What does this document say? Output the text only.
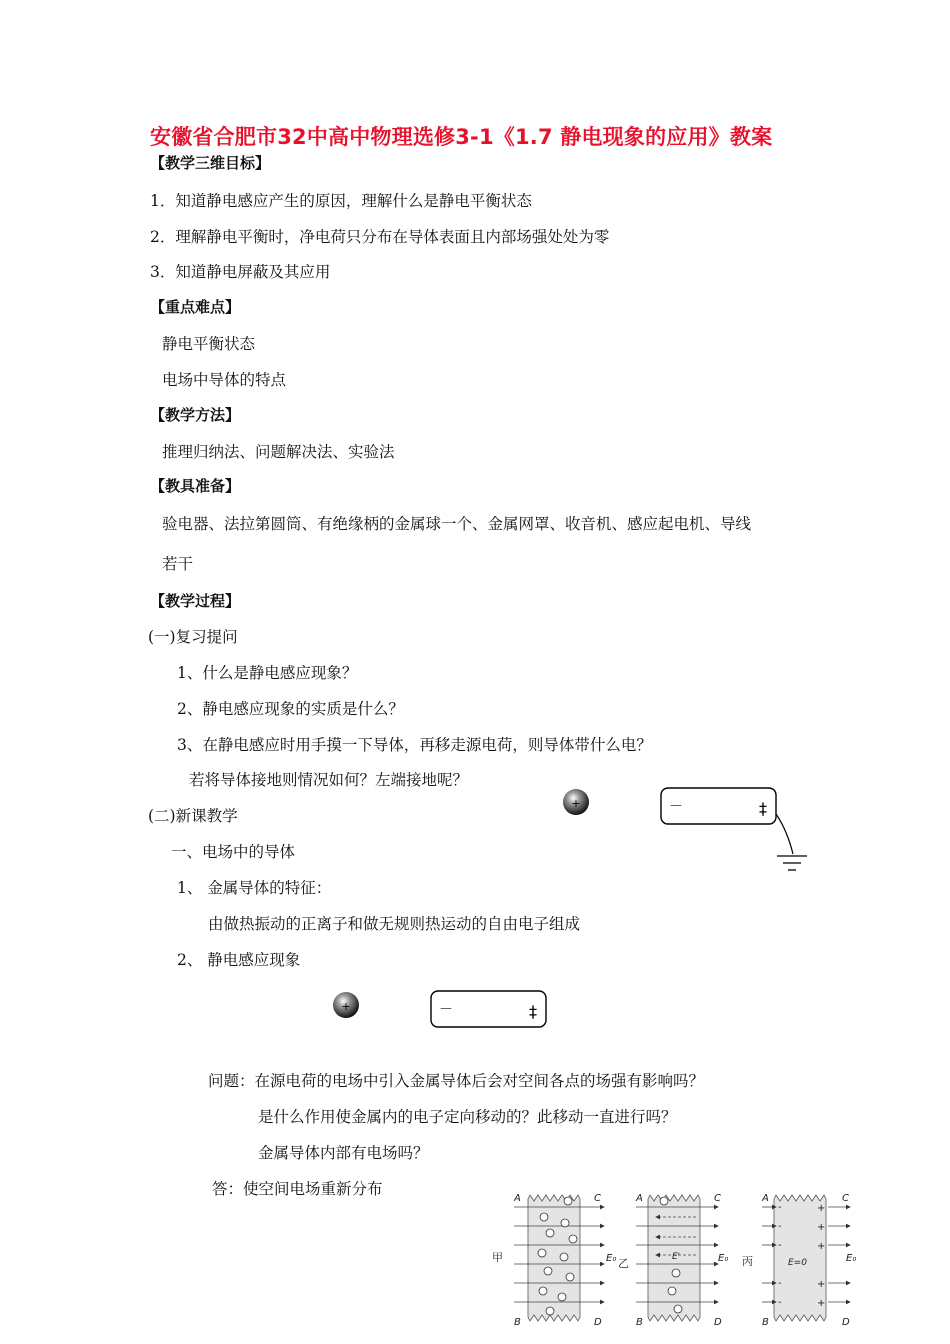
安徽省合肥市32中高中物理选修3-1《1.7 静电现象的应用》教案
【教学三维目标】
1．知道静电感应产生的原因，理解什么是静电平衡状态
2．理解静电平衡时，净电荷只分布在导体表面且内部场强处处为零
3．知道静电屏蔽及其应用
【重点难点】
静电平衡状态
电场中导体的特点
【教学方法】
推理归纳法、问题解决法、实验法
【教具准备】
验电器、法拉第圆筒、有绝缘柄的金属球一个、金属网罩、收音机、感应起电机、导线
若干
【教学过程】
(一)复习提问
1、什么是静电感应现象？
2、静电感应现象的实质是什么？
3、在静电感应时用手摸一下导体，再移走源电荷，则导体带什么电？
若将导体接地则情况如何？左端接地呢？
(二)新课教学
一、电场中的导体
1、 金属导体的特征：
由做热振动的正离子和做无规则热运动的自由电子组成
2、 静电感应现象
问题：在源电荷的电场中引入金属导体后会对空间各点的场强有影响吗？
是什么作用使金属内的电子定向移动的？此移动一直进行吗？
金属导体内部有电场吗？
答：使空间电场重新分布
+	－	‡
+	－	‡
A
B
C
D
甲	E₀
A
B
C
D
乙	E'	E₀
-
-
-
-
-
+
+
+
+
+
A
B
C
D
丙	E=0	E₀
